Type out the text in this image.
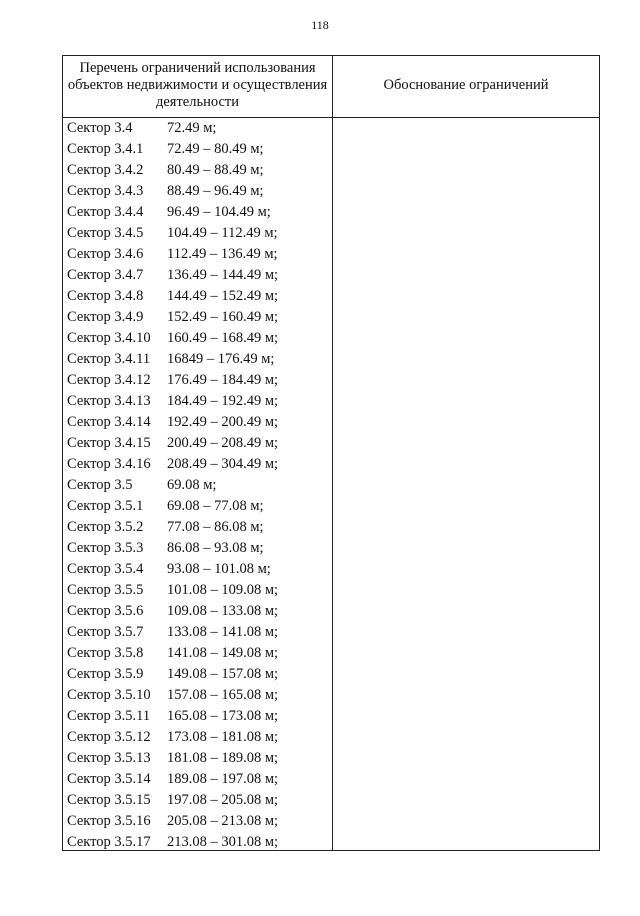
118
Перечень ограничений использования
объектов недвижимости и осуществления
деятельности
Обоснование ограничений
Сектор 3.4 72.49 м;
Сектор 3.4.1 72.49 – 80.49 м;
Сектор 3.4.2 80.49 – 88.49 м;
Сектор 3.4.3 88.49 – 96.49 м;
Сектор 3.4.4 96.49 – 104.49 м;
Сектор 3.4.5 104.49 – 112.49 м;
Сектор 3.4.6 112.49 – 136.49 м;
Сектор 3.4.7 136.49 – 144.49 м;
Сектор 3.4.8 144.49 – 152.49 м;
Сектор 3.4.9 152.49 – 160.49 м;
Сектор 3.4.10 160.49 – 168.49 м;
Сектор 3.4.11 16849 – 176.49 м;
Сектор 3.4.12 176.49 – 184.49 м;
Сектор 3.4.13 184.49 – 192.49 м;
Сектор 3.4.14 192.49 – 200.49 м;
Сектор 3.4.15 200.49 – 208.49 м;
Сектор 3.4.16 208.49 – 304.49 м;
Сектор 3.5 69.08 м;
Сектор 3.5.1 69.08 – 77.08 м;
Сектор 3.5.2 77.08 – 86.08 м;
Сектор 3.5.3 86.08 – 93.08 м;
Сектор 3.5.4 93.08 – 101.08 м;
Сектор 3.5.5 101.08 – 109.08 м;
Сектор 3.5.6 109.08 – 133.08 м;
Сектор 3.5.7 133.08 – 141.08 м;
Сектор 3.5.8 141.08 – 149.08 м;
Сектор 3.5.9 149.08 – 157.08 м;
Сектор 3.5.10 157.08 – 165.08 м;
Сектор 3.5.11 165.08 – 173.08 м;
Сектор 3.5.12 173.08 – 181.08 м;
Сектор 3.5.13 181.08 – 189.08 м;
Сектор 3.5.14 189.08 – 197.08 м;
Сектор 3.5.15 197.08 – 205.08 м;
Сектор 3.5.16 205.08 – 213.08 м;
Сектор 3.5.17 213.08 – 301.08 м;
